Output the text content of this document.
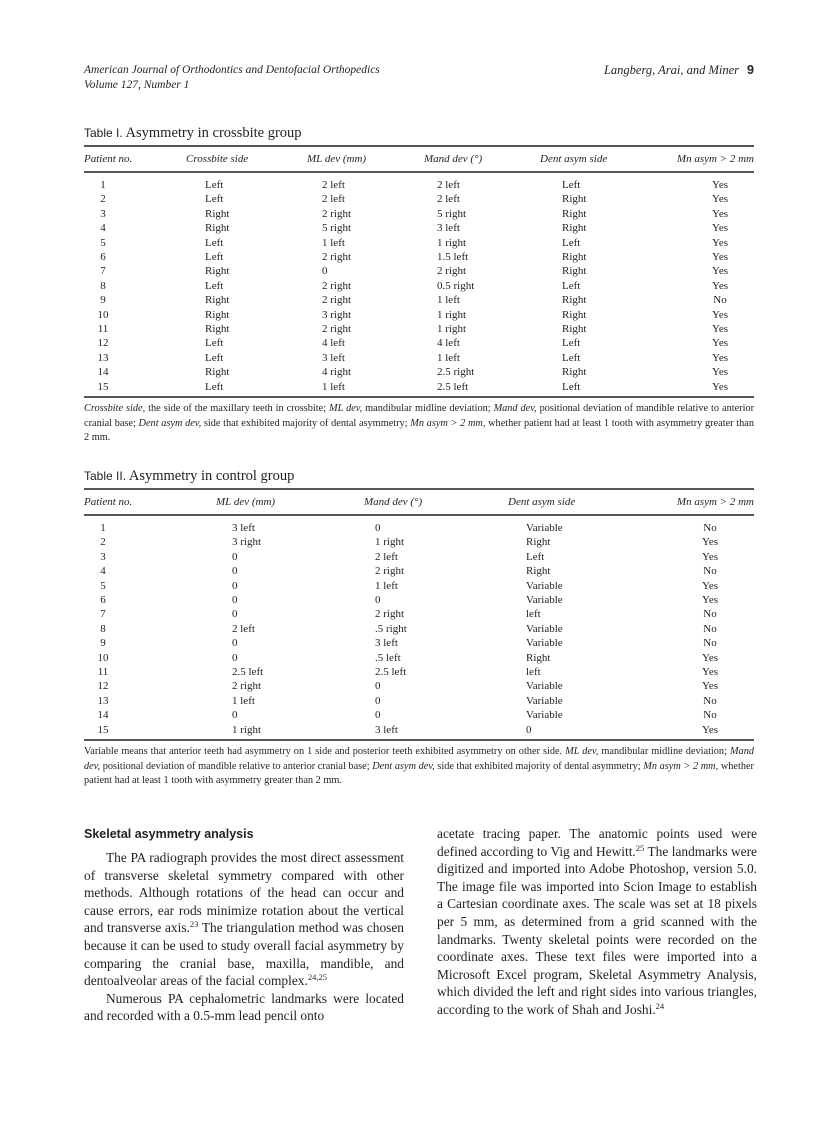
American Journal of Orthodontics and Dentofacial Orthopedics
Volume 127, Number 1
Langberg, Arai, and Miner 9
Table I. Asymmetry in crossbite group
Patient no.	Crossbite side	ML dev (mm)	Mand dev (°)	Dent asym side	Mn asym > 2 mm
1	Left	2 left	2 left	Left	Yes
2	Left	2 left	2 left	Right	Yes
3	Right	2 right	5 right	Right	Yes
4	Right	5 right	3 left	Right	Yes
5	Left	1 left	1 right	Left	Yes
6	Left	2 right	1.5 left	Right	Yes
7	Right	0	2 right	Right	Yes
8	Left	2 right	0.5 right	Left	Yes
9	Right	2 right	1 left	Right	No
10	Right	3 right	1 right	Right	Yes
11	Right	2 right	1 right	Right	Yes
12	Left	4 left	4 left	Left	Yes
13	Left	3 left	1 left	Left	Yes
14	Right	4 right	2.5 right	Right	Yes
15	Left	1 left	2.5 left	Left	Yes
Crossbite side, the side of the maxillary teeth in crossbite; ML dev, mandibular midline deviation; Mand dev, positional deviation of mandible relative to anterior cranial base; Dent asym dev, side that exhibited majority of dental asymmetry; Mn asym > 2 mm, whether patient had at least 1 tooth with asymmetry greater than 2 mm.
Table II. Asymmetry in control group
Patient no.	ML dev (mm)	Mand dev (°)	Dent asym side	Mn asym > 2 mm
1	3 left	0	Variable	No
2	3 right	1 right	Right	Yes
3	0	2 left	Left	Yes
4	0	2 right	Right	No
5	0	1 left	Variable	Yes
6	0	0	Variable	Yes
7	0	2 right	left	No
8	2 left	.5 right	Variable	No
9	0	3 left	Variable	No
10	0	.5 left	Right	Yes
11	2.5 left	2.5 left	left	Yes
12	2 right	0	Variable	Yes
13	1 left	0	Variable	No
14	0	0	Variable	No
15	1 right	3 left	0	Yes
Variable means that anterior teeth had asymmetry on 1 side and posterior teeth exhibited asymmetry on other side. ML dev, mandibular midline deviation; Mand dev, positional deviation of mandible relative to anterior cranial base; Dent asym dev, side that exhibited majority of dental asymmetry; Mn asym > 2 mm, whether patient had at least 1 tooth with asymmetry greater than 2 mm.
Skeletal asymmetry analysis

The PA radiograph provides the most direct assessment of transverse skeletal symmetry compared with other methods. Although rotations of the head can occur and cause errors, ear rods minimize rotation about the vertical and transverse axis.$^{23}$ The triangulation method was chosen because it can be used to study overall facial asymmetry by comparing the cranial base, maxilla, mandible, and dentoalveolar areas of the facial complex.$^{24,25}$

Numerous PA cephalometric landmarks were located and recorded with a 0.5-mm lead pencil onto

acetate tracing paper. The anatomic points used were defined according to Vig and Hewitt.$^{25}$ The landmarks were digitized and imported into Adobe Photoshop, version 5.0. The image file was imported into Scion Image to establish a Cartesian coordinate axes. The scale was set at 18 pixels per 5 mm, as determined from a grid scanned with the landmarks. Twenty skeletal points were recorded on the coordinate axes. These text files were imported into a Microsoft Excel program, Skeletal Asymmetry Analysis, which divided the left and right sides into various triangles, according to the work of Shah and Joshi.$^{24}$
